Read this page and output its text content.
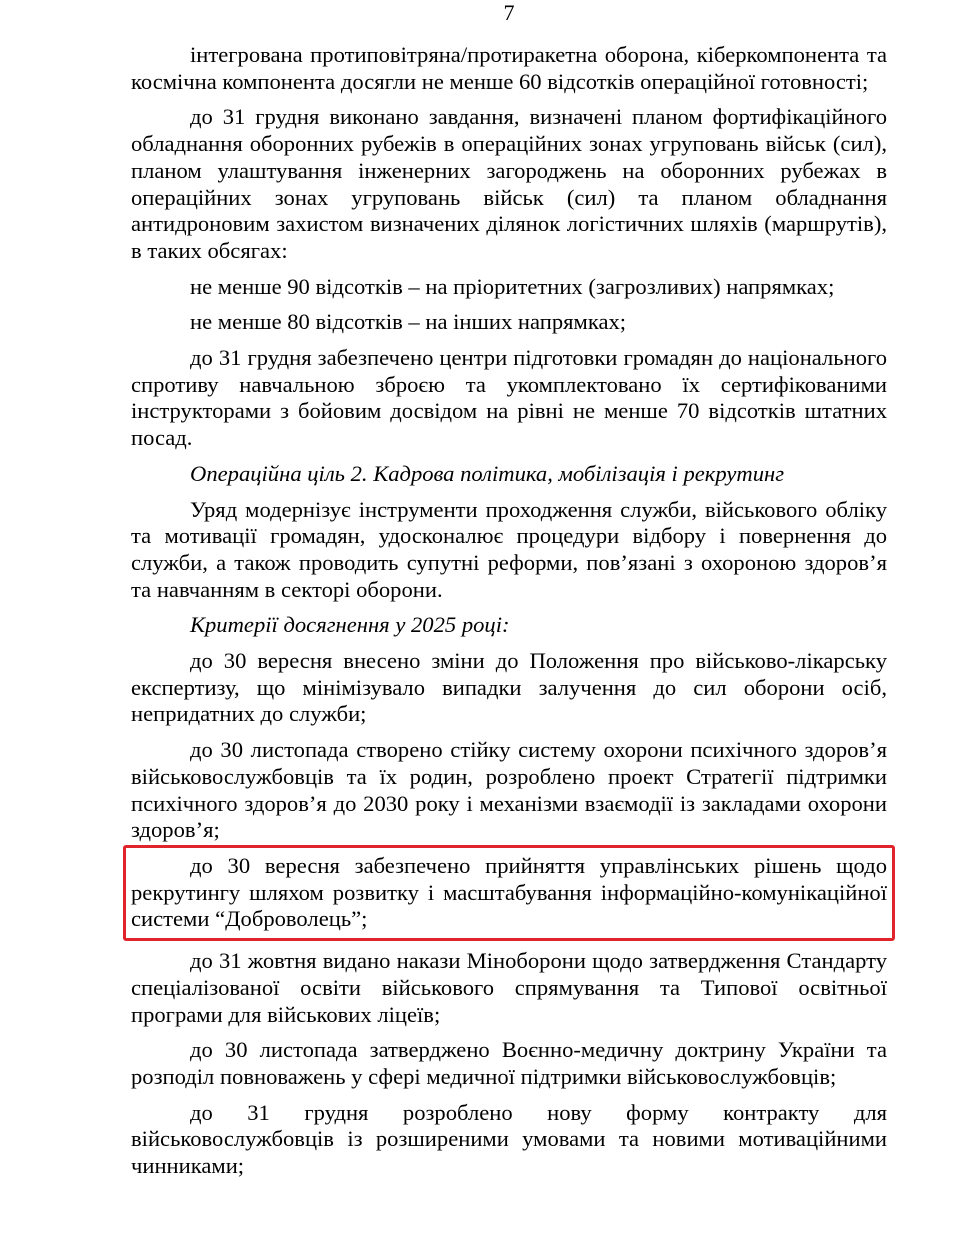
7

інтегрована протиповітряна/протиракетна оборона, кіберкомпонента та космічна компонента досягли не менше 60 відсотків операційної готовності;

до 31 грудня виконано завдання, визначені планом фортифікаційного обладнання оборонних рубежів в операційних зонах угруповань військ (сил), планом улаштування інженерних загороджень на оборонних рубежах в операційних зонах угруповань військ (сил) та планом обладнання антидроновим захистом визначених ділянок логістичних шляхів (маршрутів), в таких обсягах:

не менше 90 відсотків – на пріоритетних (загрозливих) напрямках;

не менше 80 відсотків – на інших напрямках;

до 31 грудня забезпечено центри підготовки громадян до національного спротиву навчальною зброєю та укомплектовано їх сертифікованими інструкторами з бойовим досвідом на рівні не менше 70 відсотків штатних посад.

Операційна ціль 2. Кадрова політика, мобілізація і рекрутинг

Уряд модернізує інструменти проходження служби, військового обліку та мотивації громадян, удосконалює процедури відбору і повернення до служби, а також проводить супутні реформи, пов’язані з охороною здоров’я та навчанням в секторі оборони.

Критерії досягнення у 2025 році:

до 30 вересня внесено зміни до Положення про військово-лікарську експертизу, що мінімізувало випадки залучення до сил оборони осіб, непридатних до служби;

до 30 листопада створено стійку систему охорони психічного здоров’я військовослужбовців та їх родин, розроблено проект Стратегії підтримки психічного здоров’я до 2030 року і механізми взаємодії із закладами охорони здоров’я;

до 30 вересня забезпечено прийняття управлінських рішень щодо рекрутингу шляхом розвитку і масштабування інформаційно-комунікаційної системи “Доброволець”;

до 31 жовтня видано накази Міноборони щодо затвердження Стандарту спеціалізованої освіти військового спрямування та Типової освітньої програми для військових ліцеїв;

до 30 листопада затверджено Воєнно-медичну доктрину України та розподіл повноважень у сфері медичної підтримки військовослужбовців;

до 31 грудня розроблено нову форму контракту для військовослужбовців із розширеними умовами та новими мотиваційними чинниками;
